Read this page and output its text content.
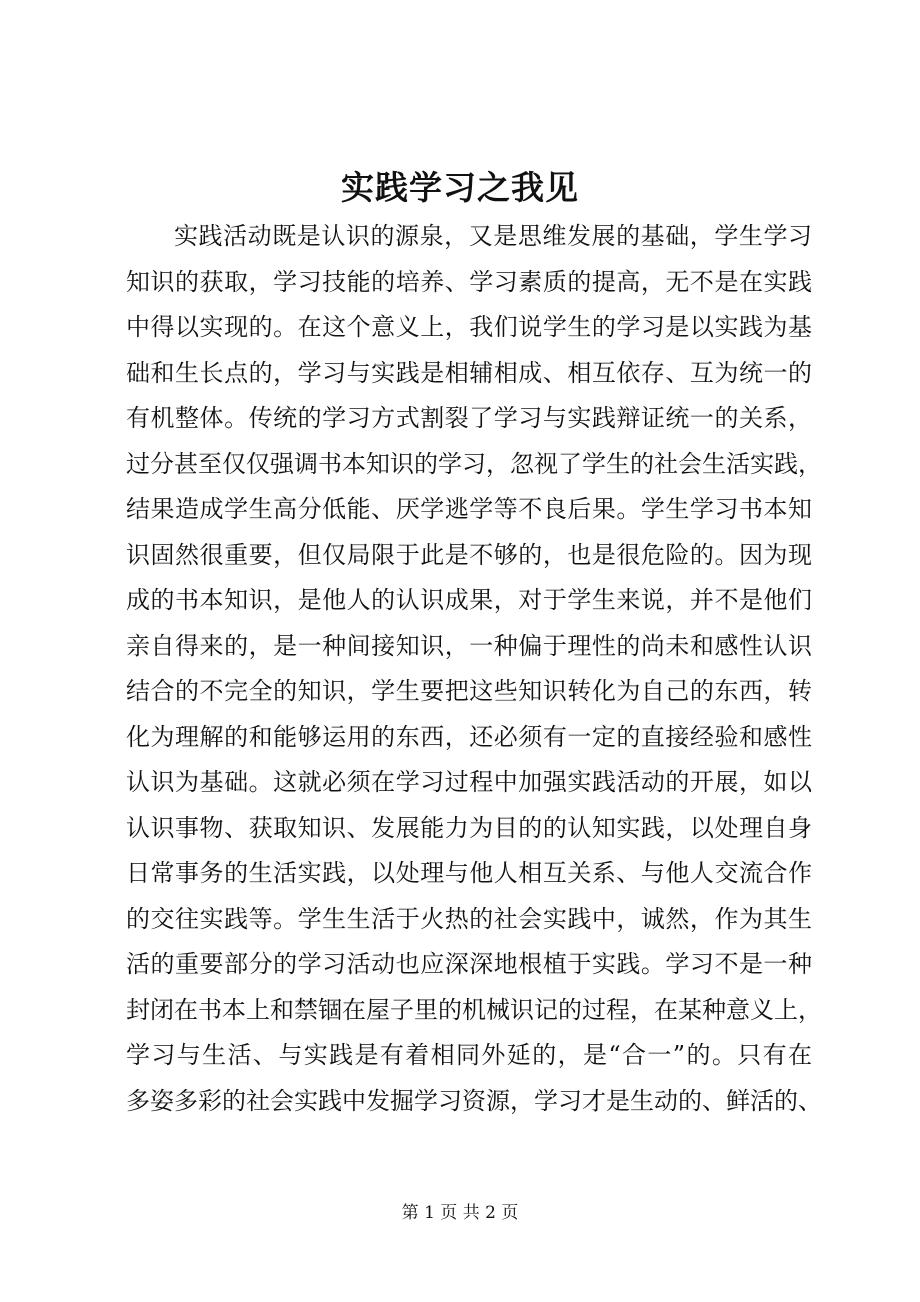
实践学习之我见
实践活动既是认识的源泉，又是思维发展的基础，学生学习
知识的获取，学习技能的培养、学习素质的提高，无不是在实践
中得以实现的。在这个意义上，我们说学生的学习是以实践为基
础和生长点的，学习与实践是相辅相成、相互依存、互为统一的
有机整体。传统的学习方式割裂了学习与实践辩证统一的关系，
过分甚至仅仅强调书本知识的学习，忽视了学生的社会生活实践，
结果造成学生高分低能、厌学逃学等不良后果。学生学习书本知
识固然很重要，但仅局限于此是不够的，也是很危险的。因为现
成的书本知识，是他人的认识成果，对于学生来说，并不是他们
亲自得来的，是一种间接知识，一种偏于理性的尚未和感性认识
结合的不完全的知识，学生要把这些知识转化为自己的东西，转
化为理解的和能够运用的东西，还必须有一定的直接经验和感性
认识为基础。这就必须在学习过程中加强实践活动的开展，如以
认识事物、获取知识、发展能力为目的的认知实践，以处理自身
日常事务的生活实践，以处理与他人相互关系、与他人交流合作
的交往实践等。学生生活于火热的社会实践中，诚然，作为其生
活的重要部分的学习活动也应深深地根植于实践。学习不是一种
封闭在书本上和禁锢在屋子里的机械识记的过程，在某种意义上，
学习与生活、与实践是有着相同外延的，是“合一”的。只有在
多姿多彩的社会实践中发掘学习资源，学习才是生动的、鲜活的、
第 1 页 共 2 页
